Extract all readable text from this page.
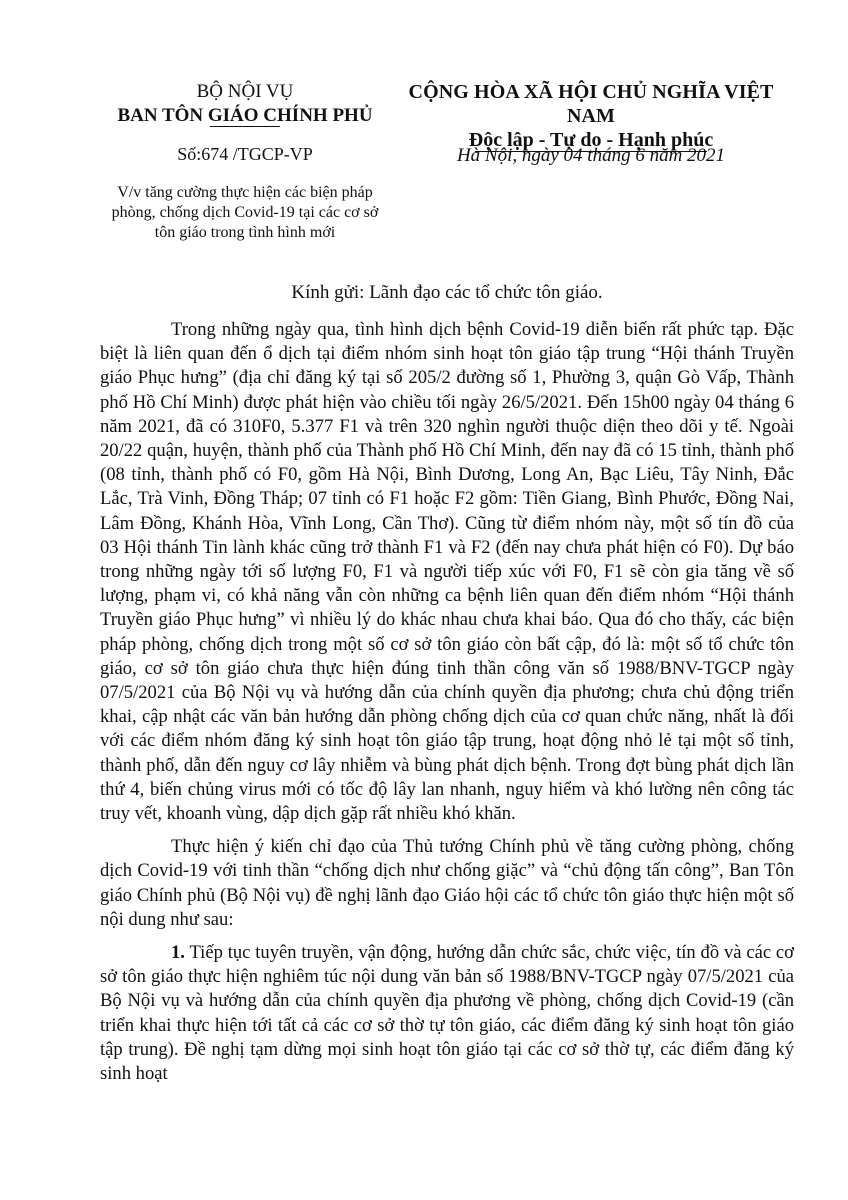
BỘ NỘI VỤ
BAN TÔN GIÁO CHÍNH PHỦ
CỘNG HÒA XÃ HỘI CHỦ NGHĨA VIỆT NAM
Độc lập - Tự do - Hạnh phúc
Số:674 /TGCP-VP	Hà Nội, ngày 04 tháng 6 năm 2021
V/v tăng cường thực hiện các biện pháp phòng, chống dịch Covid-19 tại các cơ sở tôn giáo trong tình hình mới
Kính gửi: Lãnh đạo các tổ chức tôn giáo.

Trong những ngày qua, tình hình dịch bệnh Covid-19 diễn biến rất phức tạp. Đặc biệt là liên quan đến ổ dịch tại điểm nhóm sinh hoạt tôn giáo tập trung “Hội thánh Truyền giáo Phục hưng” (địa chỉ đăng ký tại số 205/2 đường số 1, Phường 3, quận Gò Vấp, Thành phố Hồ Chí Minh) được phát hiện vào chiều tối ngày 26/5/2021. Đến 15h00 ngày 04 tháng 6 năm 2021, đã có 310F0, 5.377 F1 và trên 320 nghìn người thuộc diện theo dõi y tế. Ngoài 20/22 quận, huyện, thành phố của Thành phố Hồ Chí Minh, đến nay đã có 15 tỉnh, thành phố (08 tỉnh, thành phố có F0, gồm Hà Nội, Bình Dương, Long An, Bạc Liêu, Tây Ninh, Đắc Lắc, Trà Vinh, Đồng Tháp; 07 tỉnh có F1 hoặc F2 gồm: Tiền Giang, Bình Phước, Đồng Nai, Lâm Đồng, Khánh Hòa, Vĩnh Long, Cần Thơ). Cũng từ điểm nhóm này, một số tín đồ của 03 Hội thánh Tin lành khác cũng trở thành F1 và F2 (đến nay chưa phát hiện có F0). Dự báo trong những ngày tới số lượng F0, F1 và người tiếp xúc với F0, F1 sẽ còn gia tăng về số lượng, phạm vi, có khả năng vẫn còn những ca bệnh liên quan đến điểm nhóm “Hội thánh Truyền giáo Phục hưng” vì nhiều lý do khác nhau chưa khai báo. Qua đó cho thấy, các biện pháp phòng, chống dịch trong một số cơ sở tôn giáo còn bất cập, đó là: một số tổ chức tôn giáo, cơ sở tôn giáo chưa thực hiện đúng tinh thần công văn số 1988/BNV-TGCP ngày 07/5/2021 của Bộ Nội vụ và hướng dẫn của chính quyền địa phương; chưa chủ động triển khai, cập nhật các văn bản hướng dẫn phòng chống dịch của cơ quan chức năng, nhất là đối với các điểm nhóm đăng ký sinh hoạt tôn giáo tập trung, hoạt động nhỏ lẻ tại một số tỉnh, thành phố, dẫn đến nguy cơ lây nhiễm và bùng phát dịch bệnh. Trong đợt bùng phát dịch lần thứ 4, biến chủng virus mới có tốc độ lây lan nhanh, nguy hiểm và khó lường nên công tác truy vết, khoanh vùng, dập dịch gặp rất nhiều khó khăn.

Thực hiện ý kiến chỉ đạo của Thủ tướng Chính phủ về tăng cường phòng, chống dịch Covid-19 với tinh thần “chống dịch như chống giặc” và “chủ động tấn công”, Ban Tôn giáo Chính phủ (Bộ Nội vụ) đề nghị lãnh đạo Giáo hội các tổ chức tôn giáo thực hiện một số nội dung như sau:

1. Tiếp tục tuyên truyền, vận động, hướng dẫn chức sắc, chức việc, tín đồ và các cơ sở tôn giáo thực hiện nghiêm túc nội dung văn bản số 1988/BNV-TGCP ngày 07/5/2021 của Bộ Nội vụ và hướng dẫn của chính quyền địa phương về phòng, chống dịch Covid-19 (cần triển khai thực hiện tới tất cả các cơ sở thờ tự tôn giáo, các điểm đăng ký sinh hoạt tôn giáo tập trung). Đề nghị tạm dừng mọi sinh hoạt tôn giáo tại các cơ sở thờ tự, các điểm đăng ký sinh hoạt
